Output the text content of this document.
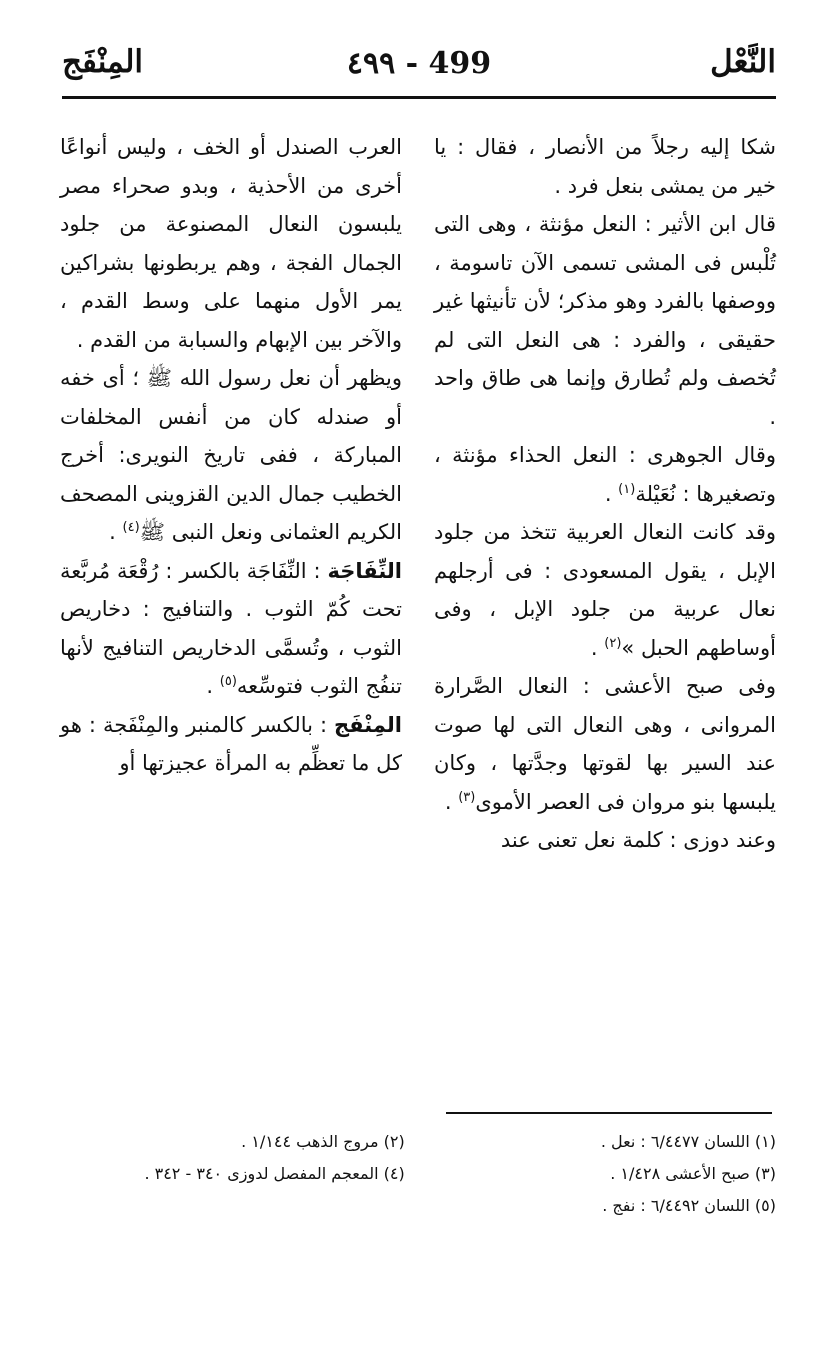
النَّعْل
٤٩٩ - 499
المِنْفَج

شكا إليه رجلاً من الأنصار ، فقال : يا خير من يمشى بنعل فرد .

قال ابن الأثير : النعل مؤنثة ، وهى التى تُلْبس فى المشى تسمى الآن تاسومة ، ووصفها بالفرد وهو مذكر؛ لأن تأنيثها غير حقيقى ، والفرد : هى النعل التى لم تُخصف ولم تُطارق وإنما هى طاق واحد .

وقال الجوهرى : النعل الحذاء مؤنثة ، وتصغيرها : نُعَيْلة$^{(١)}$ .

وقد كانت النعال العربية تتخذ من جلود الإبل ، يقول المسعودى : فى أرجلهم نعال عربية من جلود الإبل ، وفى أوساطهم الحبل »$^{(٢)}$ .

وفى صبح الأعشى : النعال الصَّرارة المروانى ، وهى النعال التى لها صوت عند السير بها لقوتها وجدَّتها ، وكان يلبسها بنو مروان فى العصر الأموى$^{(٣)}$ .

وعند دوزى : كلمة نعل تعنى عند

العرب الصندل أو الخف ، وليس أنواعًا أخرى من الأحذية ، وبدو صحراء مصر يلبسون النعال المصنوعة من جلود الجمال الفجة ، وهم يربطونها بشراكين يمر الأول منهما على وسط القدم ، والآخر بين الإبهام والسبابة من القدم .

ويظهر أن نعل رسول الله ﷺ ؛ أى خفه أو صندله كان من أنفس المخلفات المباركة ، ففى تاريخ النويرى: أخرج الخطيب جمال الدين القزوينى المصحف الكريم العثمانى ونعل النبى ﷺ$^{(٤)}$ .

النِّفَاجَة : النِّفَاجَة بالكسر : رُقْعَة مُربَّعة تحت كُمّ الثوب . والتنافيج : دخاريص الثوب ، وتُسمَّى الدخاريص التنافيج لأنها تنفُج الثوب فتوسِّعه$^{(٥)}$ .

المِنْفَج : بالكسر كالمنبر والمِنْفَجة : هو كل ما تعظِّم به المرأة عجيزتها أو

(١) اللسان ٦/٤٤٧٧ : نعل .
(٢) مروج الذهب ١/١٤٤ .
(٣) صبح الأعشى ١/٤٢٨ .
(٤) المعجم المفصل لدوزى ٣٤٠ - ٣٤٢ .
(٥) اللسان ٦/٤٤٩٢ : نفج .
